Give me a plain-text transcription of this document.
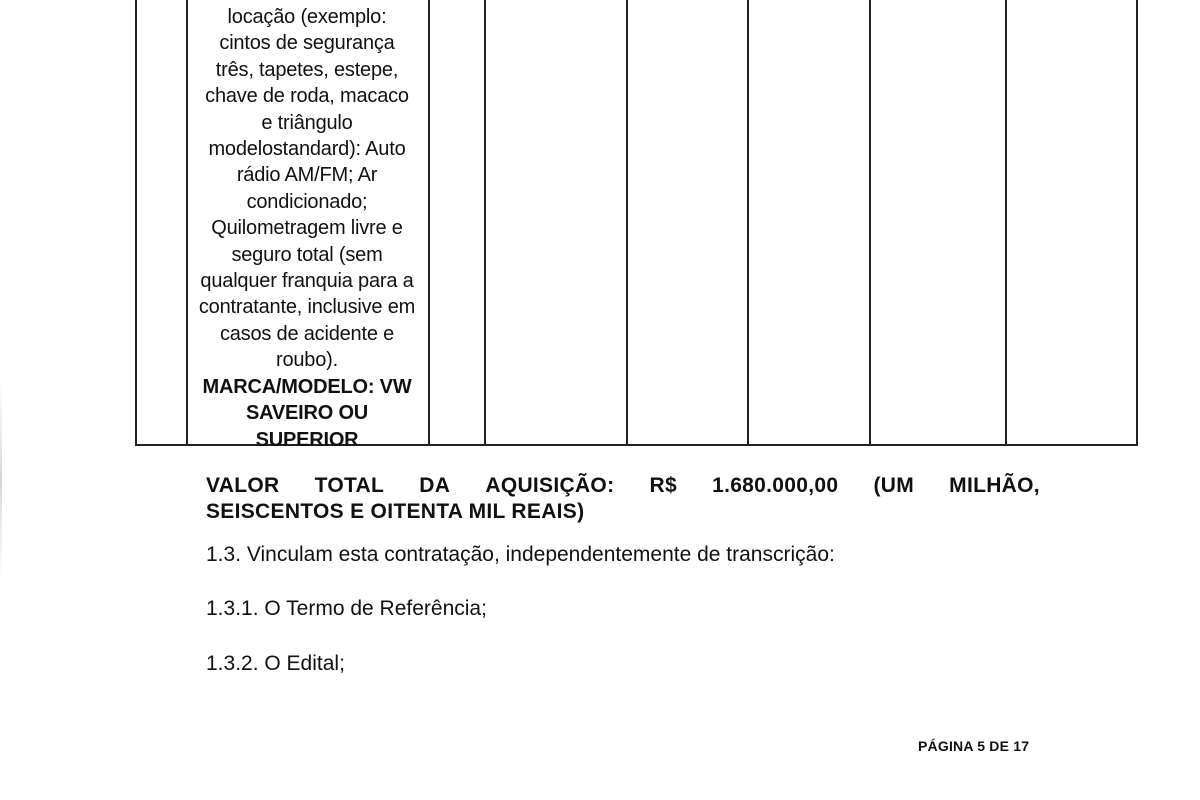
locação (exemplo:
cintos de segurança
três, tapetes, estepe,
chave de roda, macaco
e triângulo
modelostandard): Auto
rádio AM/FM; Ar
condicionado;
Quilometragem livre e
seguro total (sem
qualquer franquia para a
contratante, inclusive em
casos de acidente e
roubo).
MARCA/MODELO: VW
SAVEIRO OU
SUPERIOR
VALOR TOTAL DA AQUISIÇÃO: R$ 1.680.000,00 (UM MILHÃO,
SEISCENTOS E OITENTA MIL REAIS)
1.3. Vinculam esta contratação, independentemente de transcrição:
1.3.1. O Termo de Referência;
1.3.2. O Edital;
PÁGINA 5 DE 17
